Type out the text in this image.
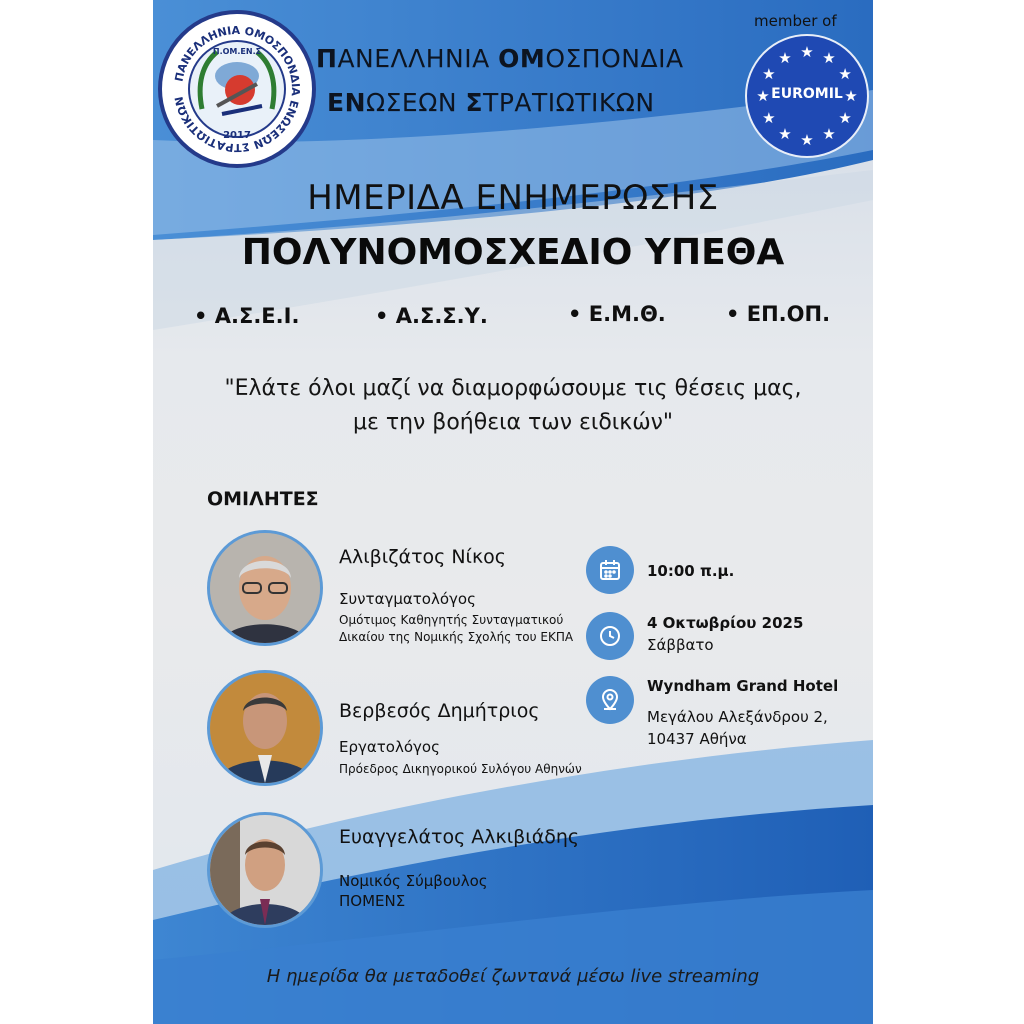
ΠΑΝΕΛΛΗΝΙΑ ΟΜΟΣΠΟΝΔΙΑ ΕΝΩΣΕΩΝ ΣΤΡΑΤΙΩΤΙΚΩΝ
Π.ΟΜ.ΕΝ.Σ
2017
ΠΑΝΕΛΛΗΝΙΑ ΟΜΟΣΠΟΝΔΙΑ
ΕΝΩΣΕΩΝ ΣΤΡΑΤΙΩΤΙΚΩΝ
member of
★ ★
★
★
★
★
★
★
★
★
★
★
EUROMIL
ΗΜΕΡΙΔΑ ΕΝΗΜΕΡΩΣΗΣ
ΠΟΛΥΝΟΜΟΣΧΕΔΙΟ ΥΠΕΘΑ
• Α.Σ.Ε.Ι.	• Α.Σ.Σ.Υ.	• Ε.Μ.Θ.	• ΕΠ.ΟΠ.
"Ελάτε όλοι μαζί να διαμορφώσουμε τις θέσεις μας,
με την βοήθεια των ειδικών"
ΟΜΙΛΗΤΕΣ
Αλιβιζάτος Νίκος
Συνταγματολόγος
Ομότιμος Καθηγητής Συνταγματικού
Δικαίου της Νομικής Σχολής του ΕΚΠΑ
Βερβεσός Δημήτριος
Εργατολόγος
Πρόεδρος Δικηγορικού Συλόγου Αθηνών
Ευαγγελάτος Αλκιβιάδης
Νομικός Σύμβουλος
ΠΟΜΕΝΣ
10:00 π.μ.
4 Οκτωβρίου 2025
Σάββατο
Wyndham Grand Hotel
Μεγάλου Αλεξάνδρου 2,
10437 Αθήνα
Η ημερίδα θα μεταδοθεί ζωντανά μέσω live streaming
